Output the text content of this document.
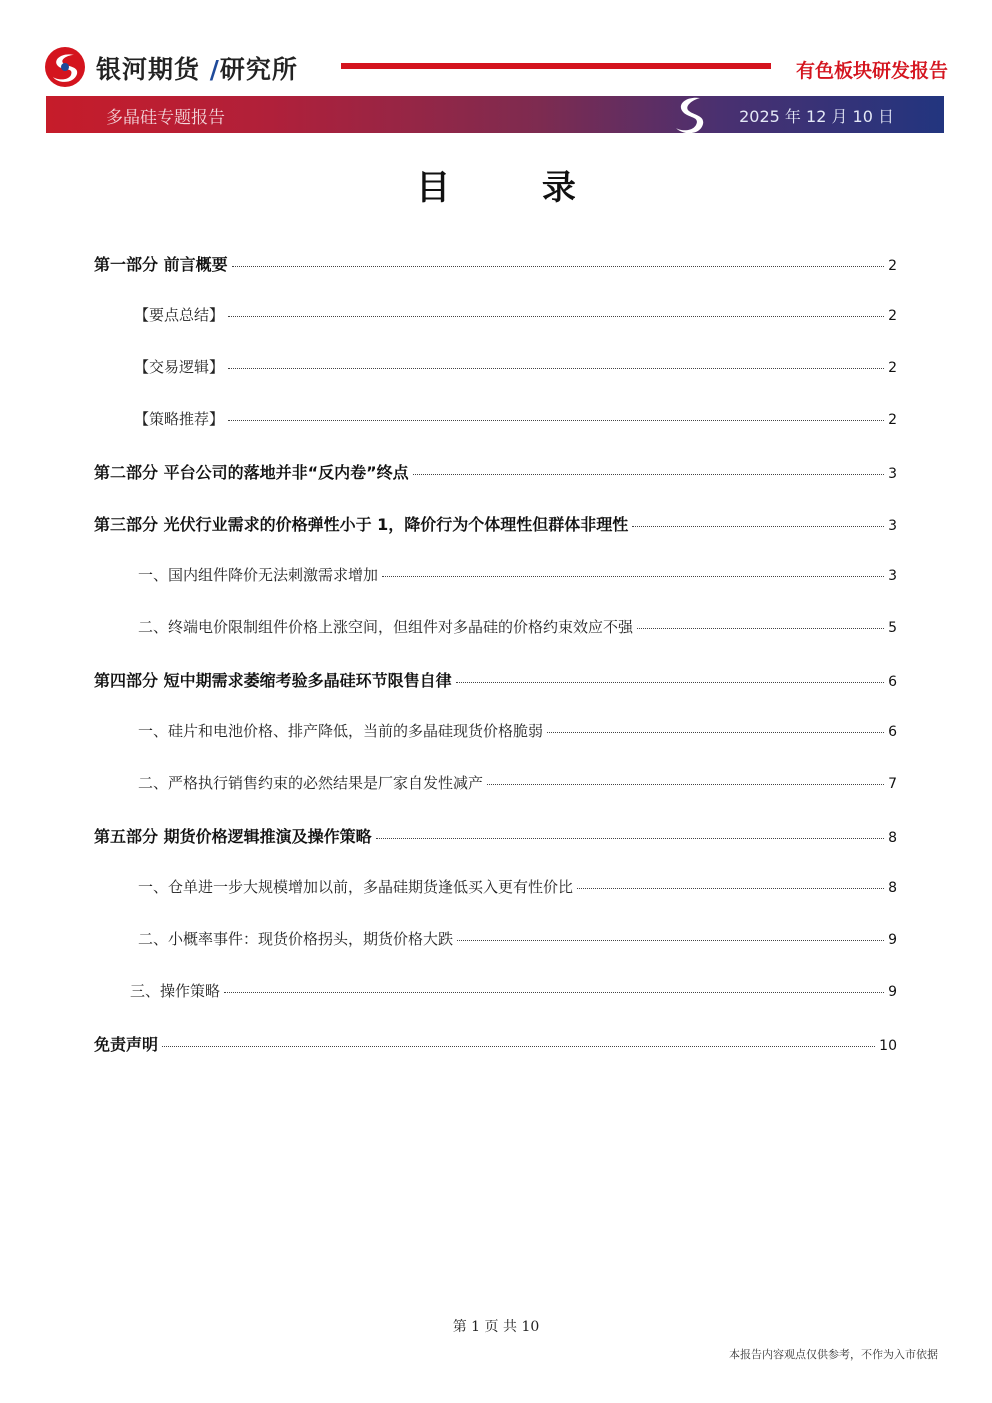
银河期货 /研究所	有色板块研发报告
多晶硅专题报告	2025 年 12 月 10 日
目 录
第一部分 前言概要	2
【要点总结】	2
【交易逻辑】	2
【策略推荐】	2
第二部分 平台公司的落地并非“反内卷”终点	3
第三部分 光伏行业需求的价格弹性小于 1，降价行为个体理性但群体非理性	3
一、国内组件降价无法刺激需求增加	3
二、终端电价限制组件价格上涨空间，但组件对多晶硅的价格约束效应不强	5
第四部分 短中期需求萎缩考验多晶硅环节限售自律	6
一、硅片和电池价格、排产降低，当前的多晶硅现货价格脆弱	6
二、严格执行销售约束的必然结果是厂家自发性减产	7
第五部分 期货价格逻辑推演及操作策略	8
一、仓单进一步大规模增加以前，多晶硅期货逢低买入更有性价比	8
二、小概率事件：现货价格拐头，期货价格大跌	9
三、操作策略	9
免责声明	10
第 1 页 共 10
本报告内容观点仅供参考，不作为入市依据
